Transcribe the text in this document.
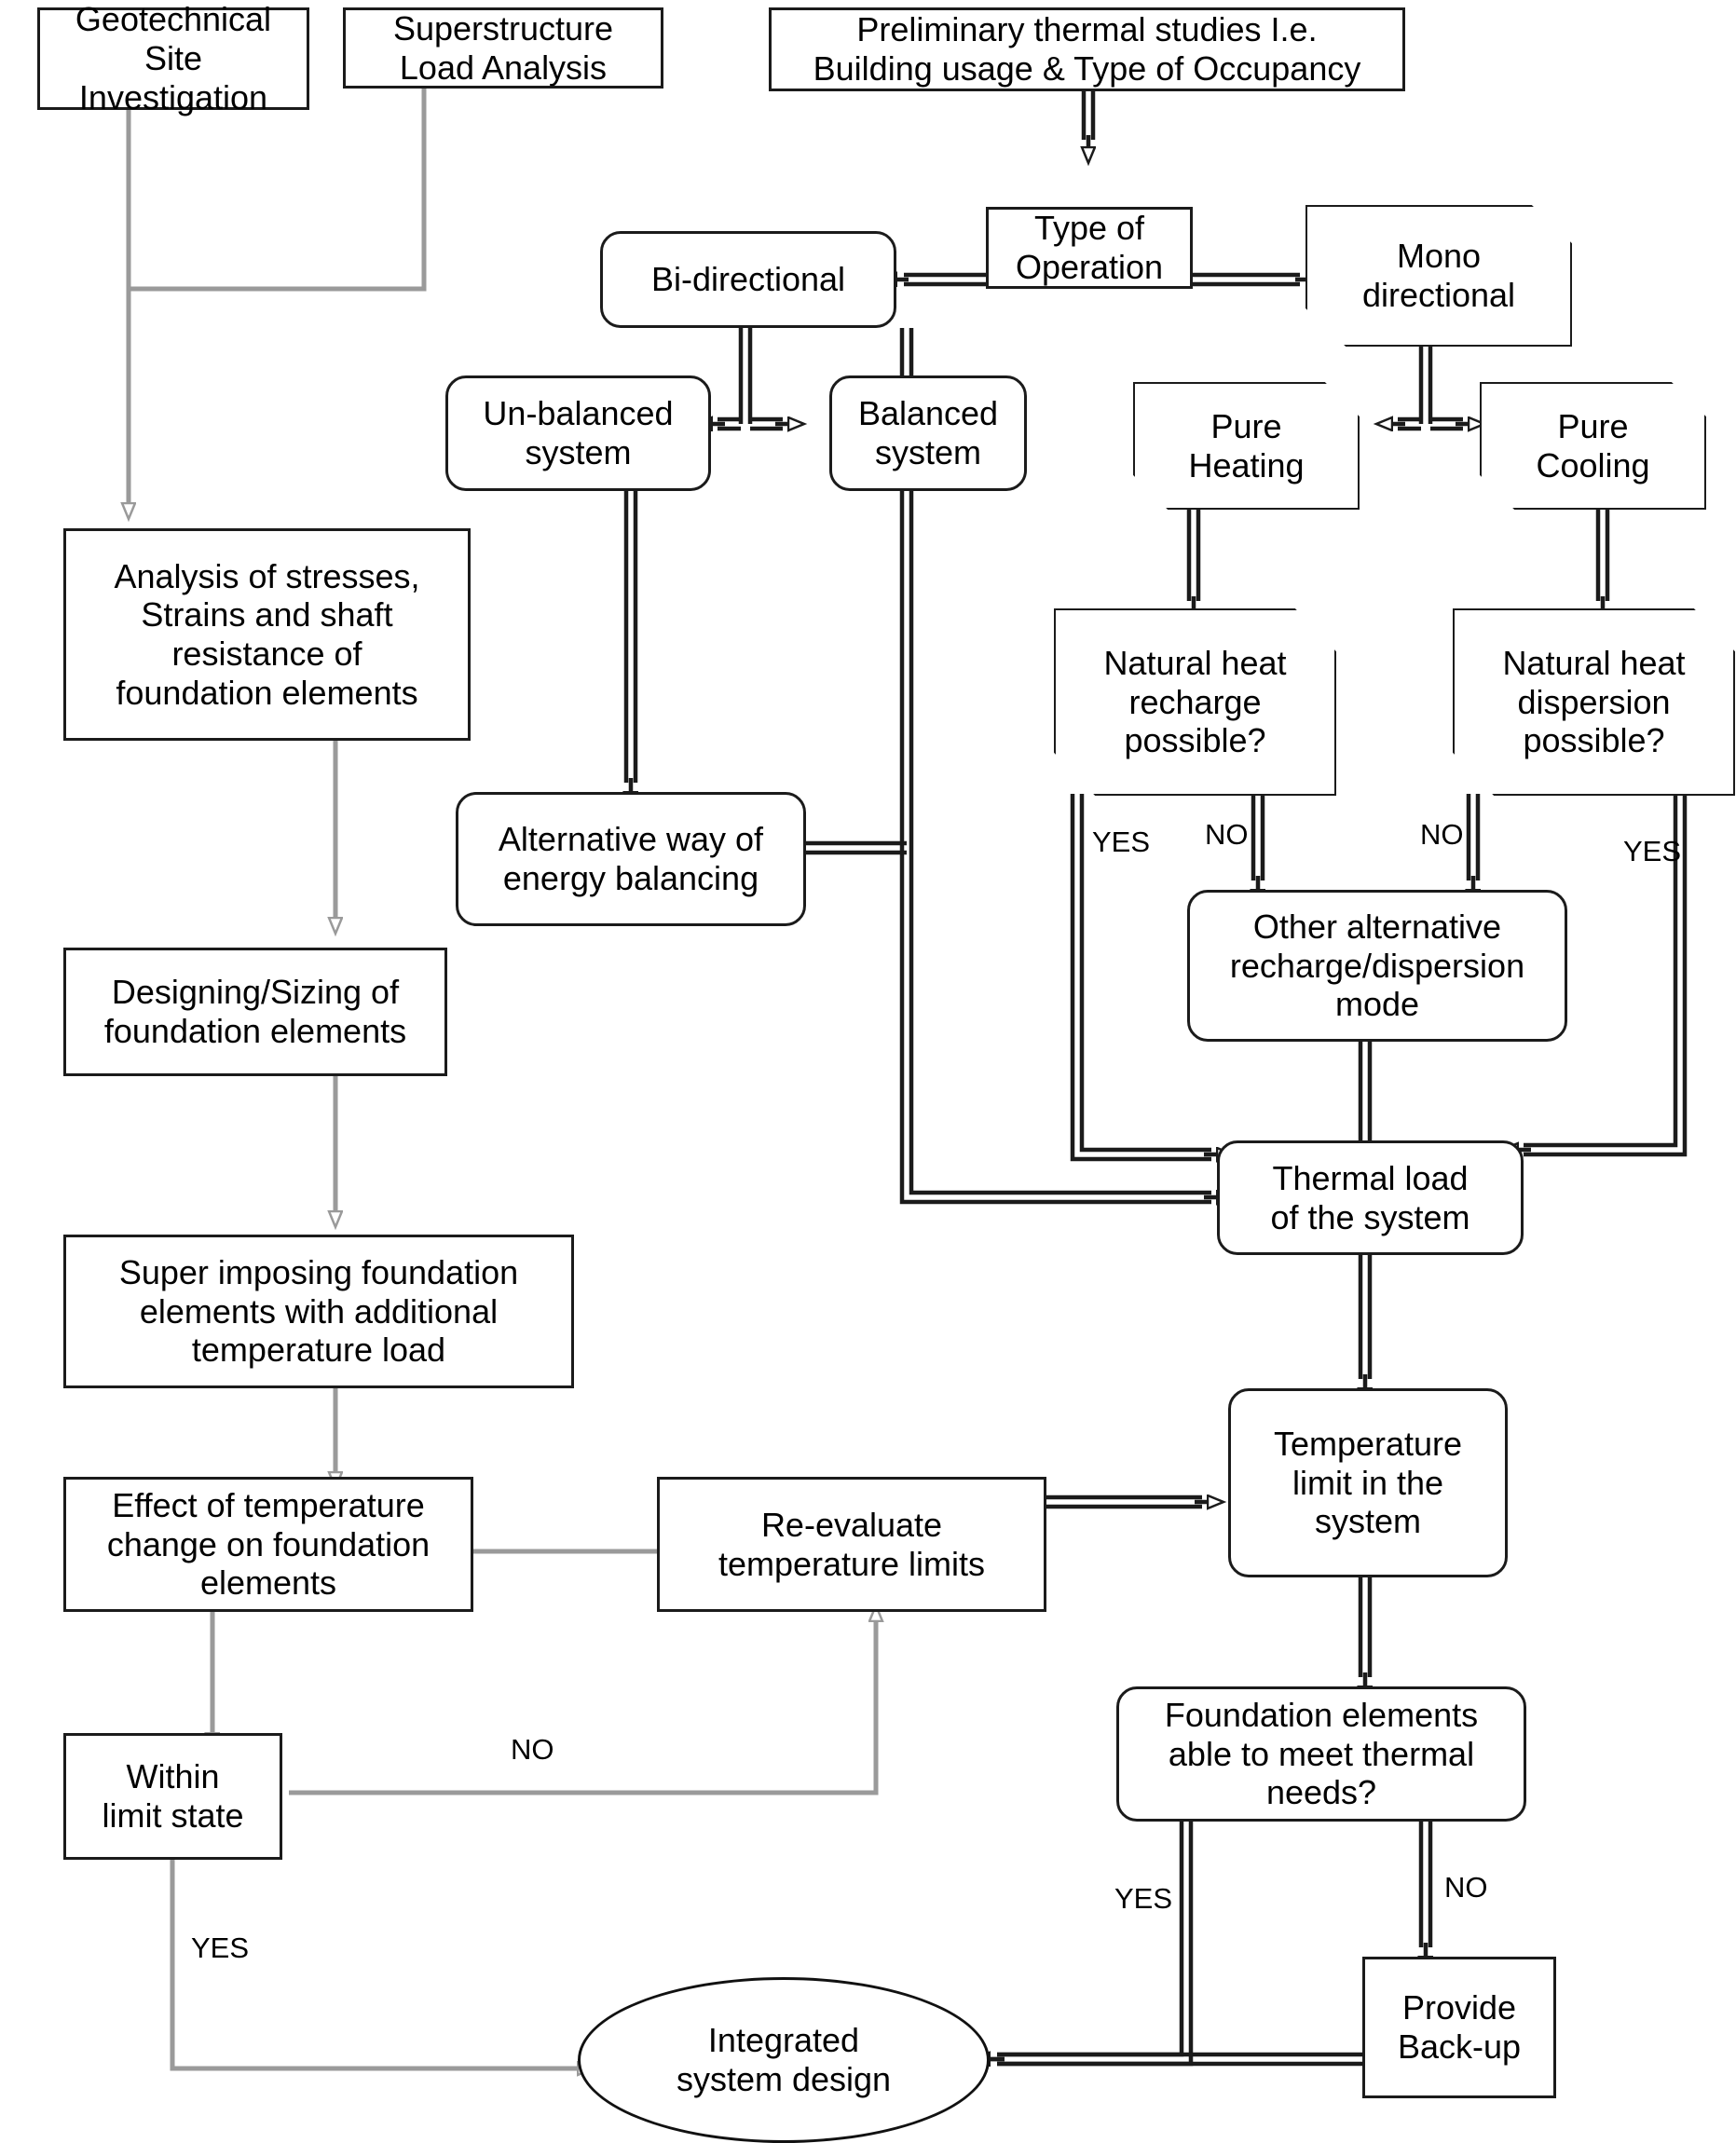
Geotechnical
Site
Investigation
Superstructure
Load Analysis
Preliminary thermal studies I.e.
Building usage & Type of Occupancy
Type of
Operation
Bi-directional
Mono
directional
Un-balanced
system
Balanced
system
Pure
Heating
Pure
Cooling
Analysis of stresses,
Strains and shaft
resistance of
foundation elements
Natural heat
recharge
possible?
Natural heat
dispersion
possible?
Alternative way of
energy balancing
Other alternative
recharge/dispersion
mode
Designing/Sizing of
foundation elements
Thermal load
of the system
Super imposing foundation
elements with additional
temperature load
Temperature
limit in the
system
Effect of temperature
change on foundation
elements
Re-evaluate
temperature limits
Foundation elements
able to meet thermal
needs?
Within
limit state
Provide
Back-up
Integrated
system design
YES NO	NO
YES
NO
YES
YES	NO
